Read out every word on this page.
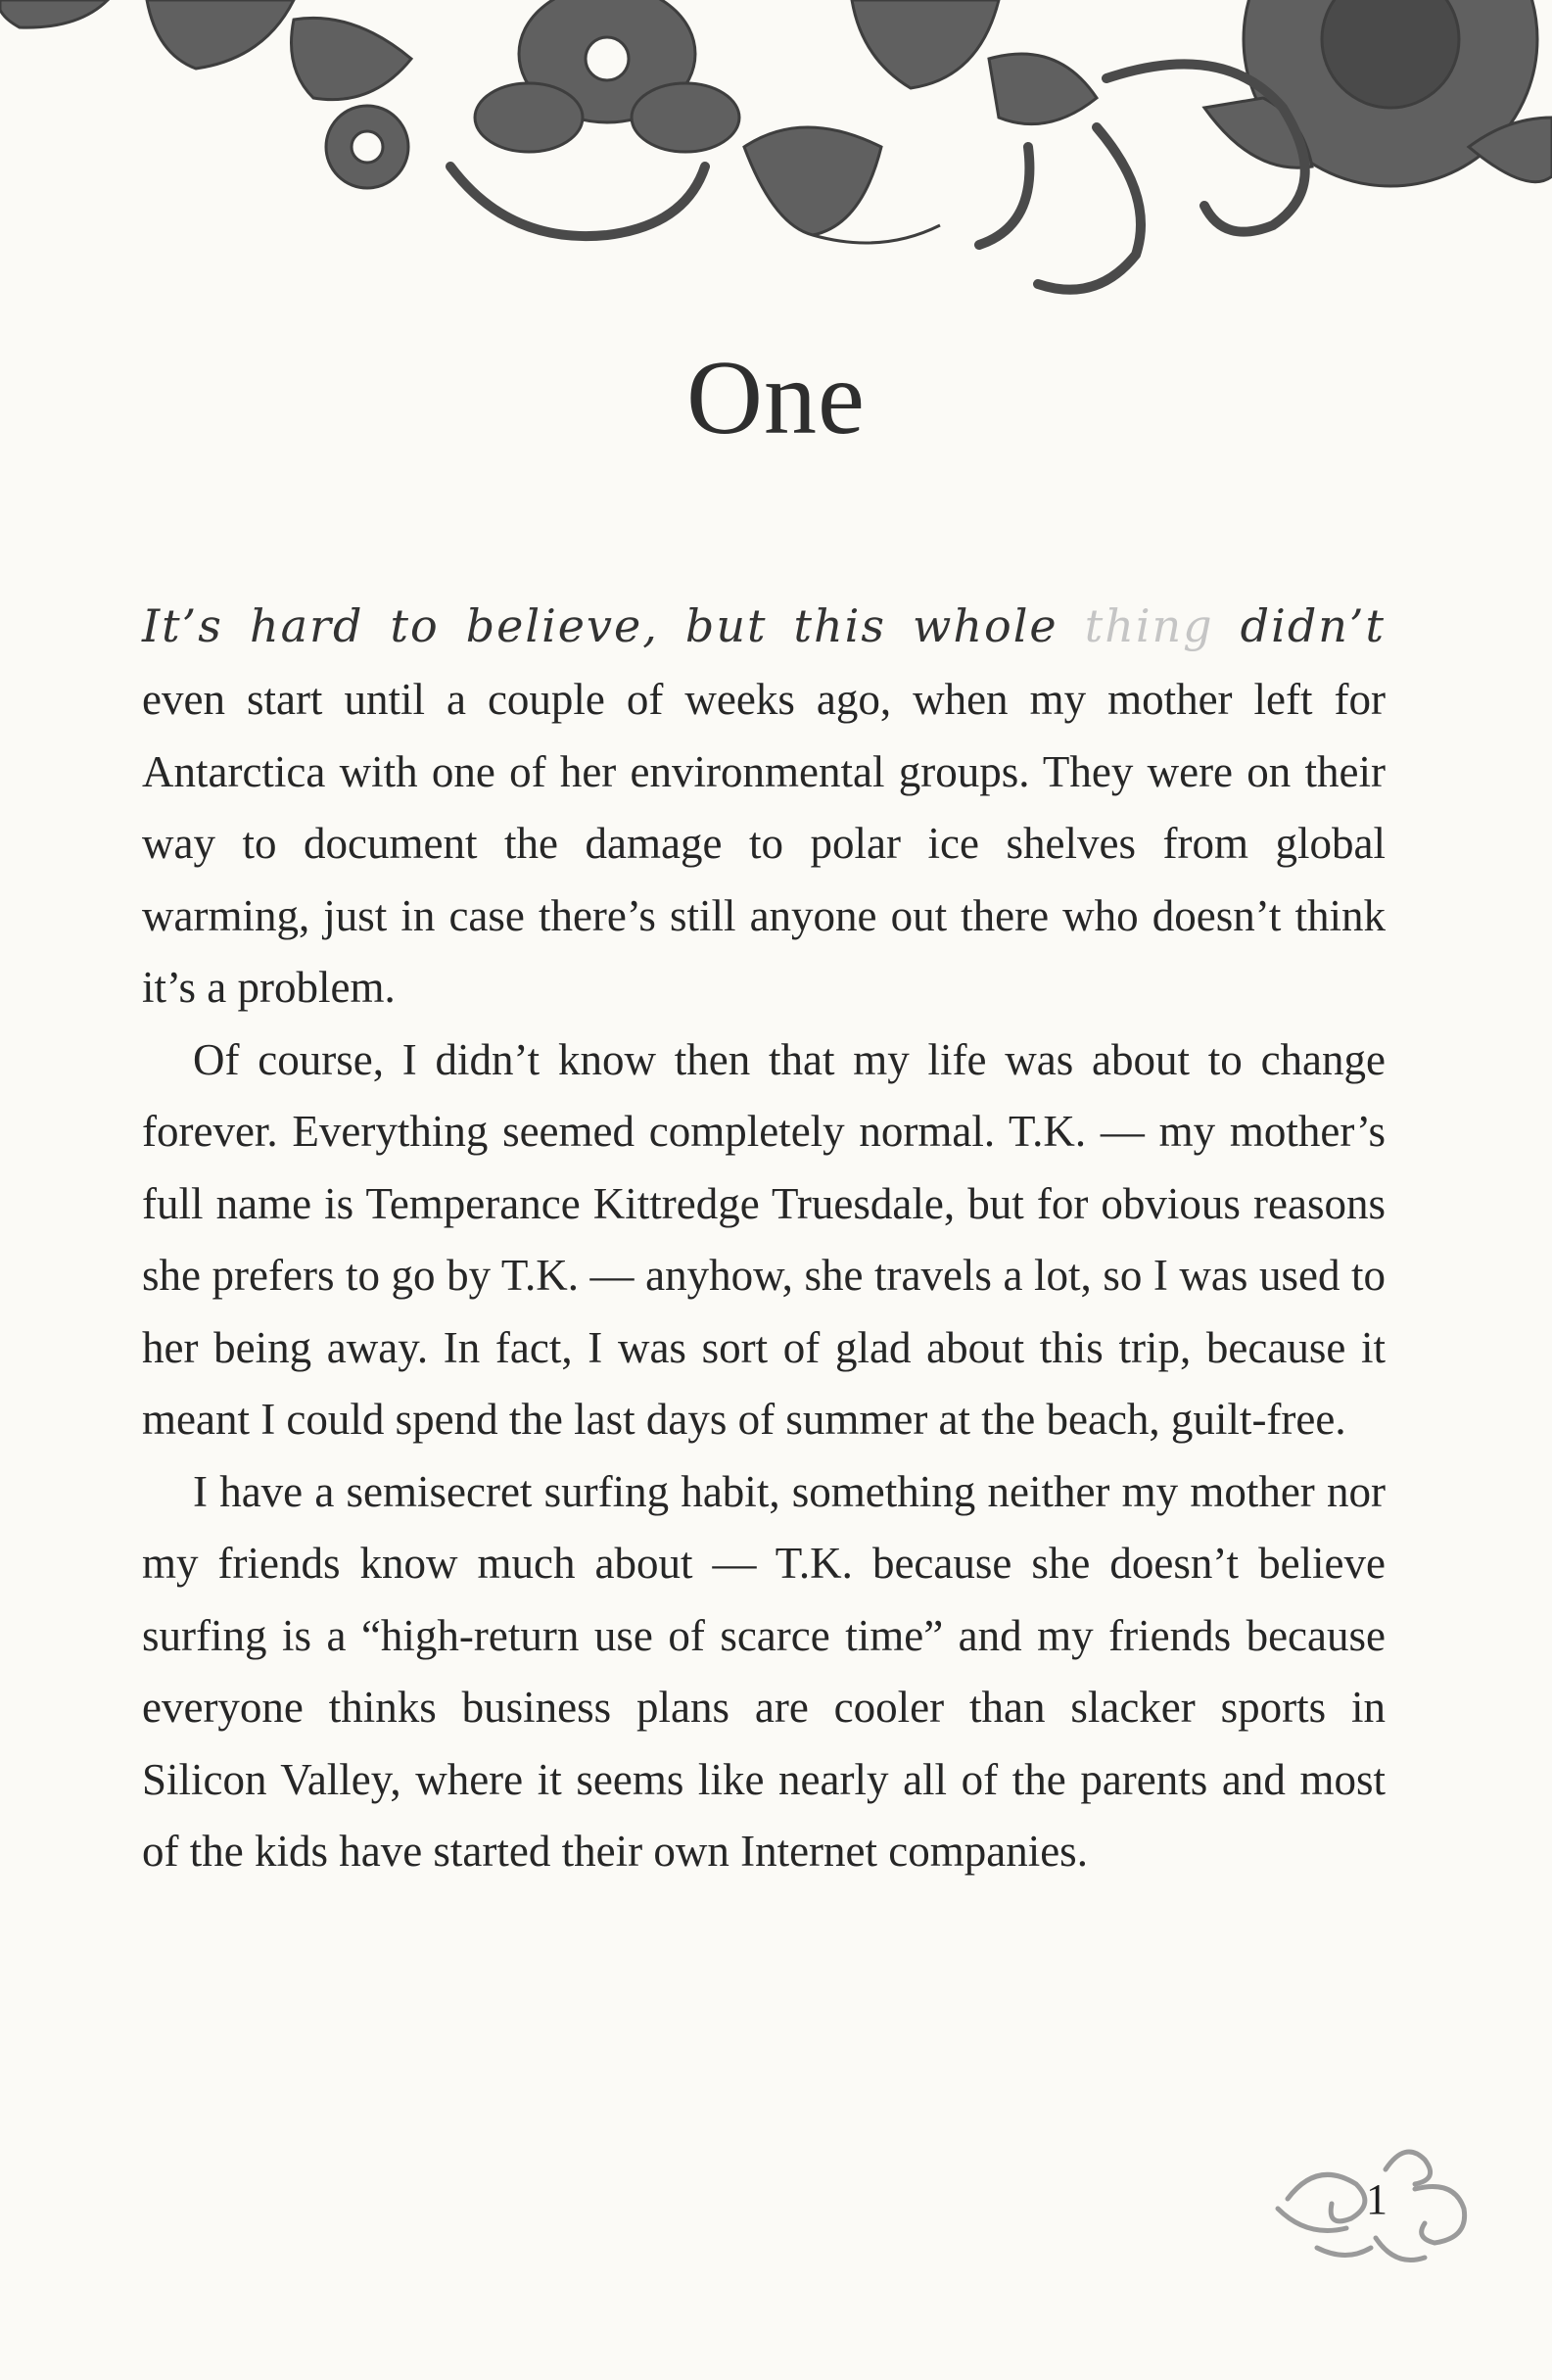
One
It’s hard to believe, but this whole thing didn’t

even start until a couple of weeks ago, when my mother left for Antarctica with one of her environmental groups. They were on their way to document the damage to polar ice shelves from global warming, just in case there’s still anyone out there who doesn’t think it’s a problem.

Of course, I didn’t know then that my life was about to change forever. Everything seemed completely normal. T.K. — my mother’s full name is Temperance Kittredge Truesdale, but for obvious reasons she prefers to go by T.K. — anyhow, she travels a lot, so I was used to her being away. In fact, I was sort of glad about this trip, because it meant I could spend the last days of summer at the beach, guilt-free.

I have a semisecret surfing habit, something neither my mother nor my friends know much about — T.K. because she doesn’t believe surfing is a “high-return use of scarce time” and my friends because everyone thinks business plans are cooler than slacker sports in Silicon Valley, where it seems like nearly all of the parents and most of the kids have started their own Internet companies.

1
